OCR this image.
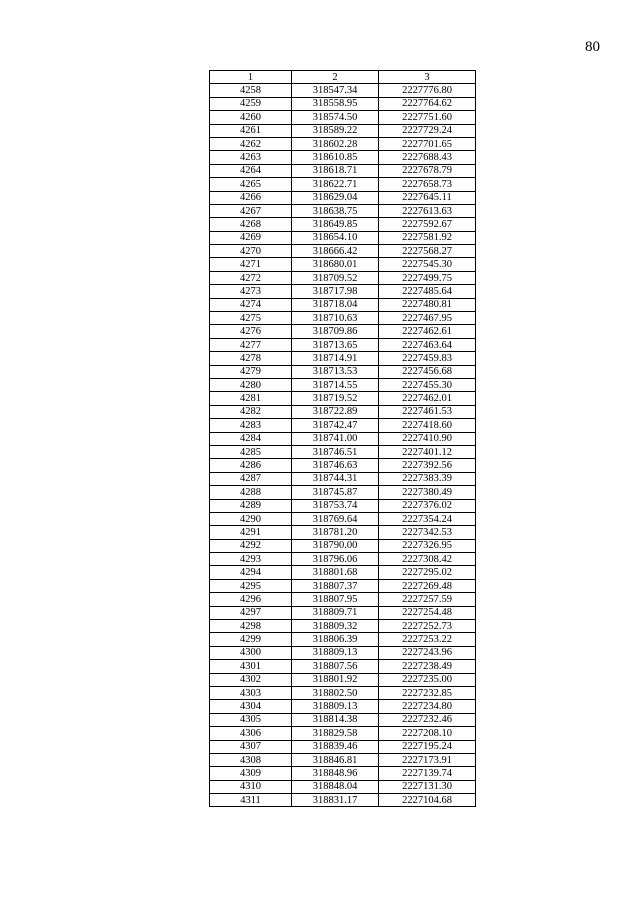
80
1	2	3
4258	318547.34	2227776.80
4259	318558.95	2227764.62
4260	318574.50	2227751.60
4261	318589.22	2227729.24
4262	318602.28	2227701.65
4263	318610.85	2227688.43
4264	318618.71	2227678.79
4265	318622.71	2227658.73
4266	318629.04	2227645.11
4267	318638.75	2227613.63
4268	318649.85	2227592.67
4269	318654.10	2227581.92
4270	318666.42	2227568.27
4271	318680.01	2227545.30
4272	318709.52	2227499.75
4273	318717.98	2227485.64
4274	318718.04	2227480.81
4275	318710.63	2227467.95
4276	318709.86	2227462.61
4277	318713.65	2227463.64
4278	318714.91	2227459.83
4279	318713.53	2227456.68
4280	318714.55	2227455.30
4281	318719.52	2227462.01
4282	318722.89	2227461.53
4283	318742.47	2227418.60
4284	318741.00	2227410.90
4285	318746.51	2227401.12
4286	318746.63	2227392.56
4287	318744.31	2227383.39
4288	318745.87	2227380.49
4289	318753.74	2227376.02
4290	318769.64	2227354.24
4291	318781.20	2227342.53
4292	318790.00	2227326.95
4293	318796.06	2227308.42
4294	318801.68	2227295.02
4295	318807.37	2227269.48
4296	318807.95	2227257.59
4297	318809.71	2227254.48
4298	318809.32	2227252.73
4299	318806.39	2227253.22
4300	318809.13	2227243.96
4301	318807.56	2227238.49
4302	318801.92	2227235.00
4303	318802.50	2227232.85
4304	318809.13	2227234.80
4305	318814.38	2227232.46
4306	318829.58	2227208.10
4307	318839.46	2227195.24
4308	318846.81	2227173.91
4309	318848.96	2227139.74
4310	318848.04	2227131.30
4311	318831.17	2227104.68
